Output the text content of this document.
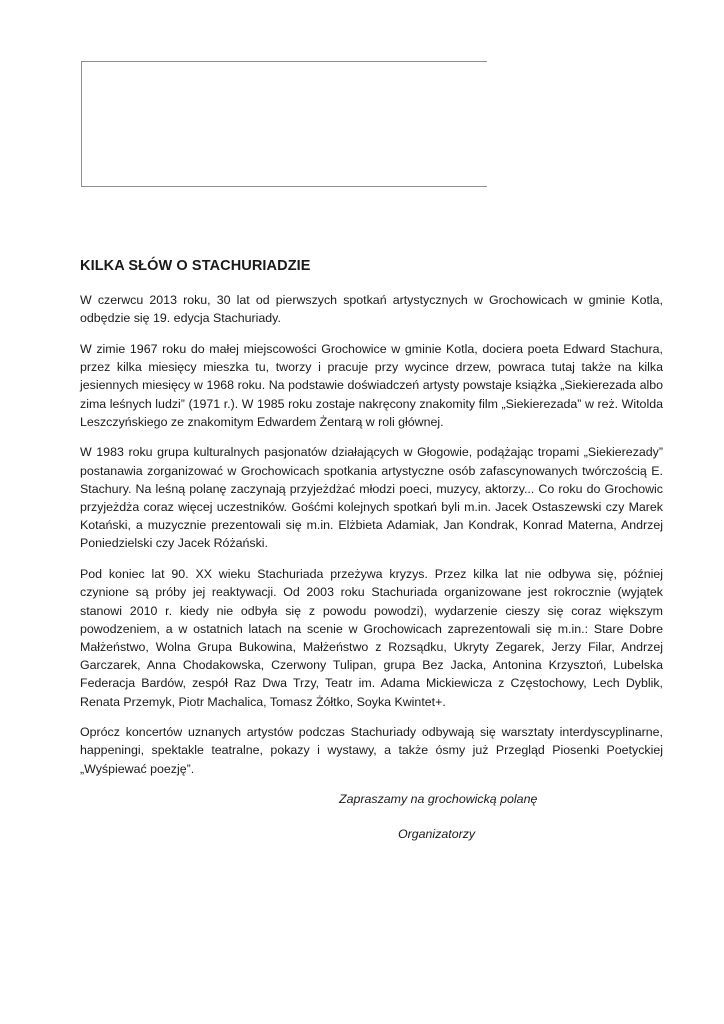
KILKA SŁÓW O STACHURIADZIE

W czerwcu 2013 roku, 30 lat od pierwszych spotkań artystycznych w Grochowicach w gminie Kotla, odbędzie się 19. edycja Stachuriady.

W zimie 1967 roku do małej miejscowości Grochowice w gminie Kotla, dociera poeta Edward Stachura, przez kilka miesięcy mieszka tu, tworzy i pracuje przy wycince drzew, powraca tutaj także na kilka jesiennych miesięcy w 1968 roku. Na podstawie doświadczeń artysty powstaje książka „Siekierezada albo zima leśnych ludzi” (1971 r.). W 1985 roku zostaje nakręcony znakomity film „Siekierezada” w reż. Witolda Leszczyńskiego ze znakomitym Edwardem Żentarą w roli głównej.

W 1983 roku grupa kulturalnych pasjonatów działających w Głogowie, podążając tropami „Siekierezady” postanawia zorganizować w Grochowicach spotkania artystyczne osób zafascynowanych twórczością E. Stachury. Na leśną polanę zaczynają przyjeżdżać młodzi poeci, muzycy, aktorzy... Co roku do Grochowic przyjeżdża coraz więcej uczestników. Gośćmi kolejnych spotkań byli m.in. Jacek Ostaszewski czy Marek Kotański, a muzycznie prezentowali się m.in. Elżbieta Adamiak, Jan Kondrak, Konrad Materna, Andrzej Poniedzielski czy Jacek Różański.

Pod koniec lat 90. XX wieku Stachuriada przeżywa kryzys. Przez kilka lat nie odbywa się, później czynione są próby jej reaktywacji. Od 2003 roku Stachuriada organizowane jest rokrocznie (wyjątek stanowi 2010 r. kiedy nie odbyła się z powodu powodzi), wydarzenie cieszy się coraz większym powodzeniem, a w ostatnich latach na scenie w Grochowicach zaprezentowali się m.in.: Stare Dobre Małżeństwo, Wolna Grupa Bukowina, Małżeństwo z Rozsądku, Ukryty Zegarek, Jerzy Filar, Andrzej Garczarek, Anna Chodakowska, Czerwony Tulipan, grupa Bez Jacka, Antonina Krzysztoń, Lubelska Federacja Bardów, zespół Raz Dwa Trzy, Teatr im. Adama Mickiewicza z Częstochowy, Lech Dyblik, Renata Przemyk, Piotr Machalica, Tomasz Żółtko, Soyka Kwintet+.

Oprócz koncertów uznanych artystów podczas Stachuriady odbywają się warsztaty interdyscyplinarne, happeningi, spektakle teatralne, pokazy i wystawy, a także ósmy już Przegląd Piosenki Poetyckiej „Wyśpiewać poezję”.

Zapraszamy na grochowicką polanę
Organizatorzy
